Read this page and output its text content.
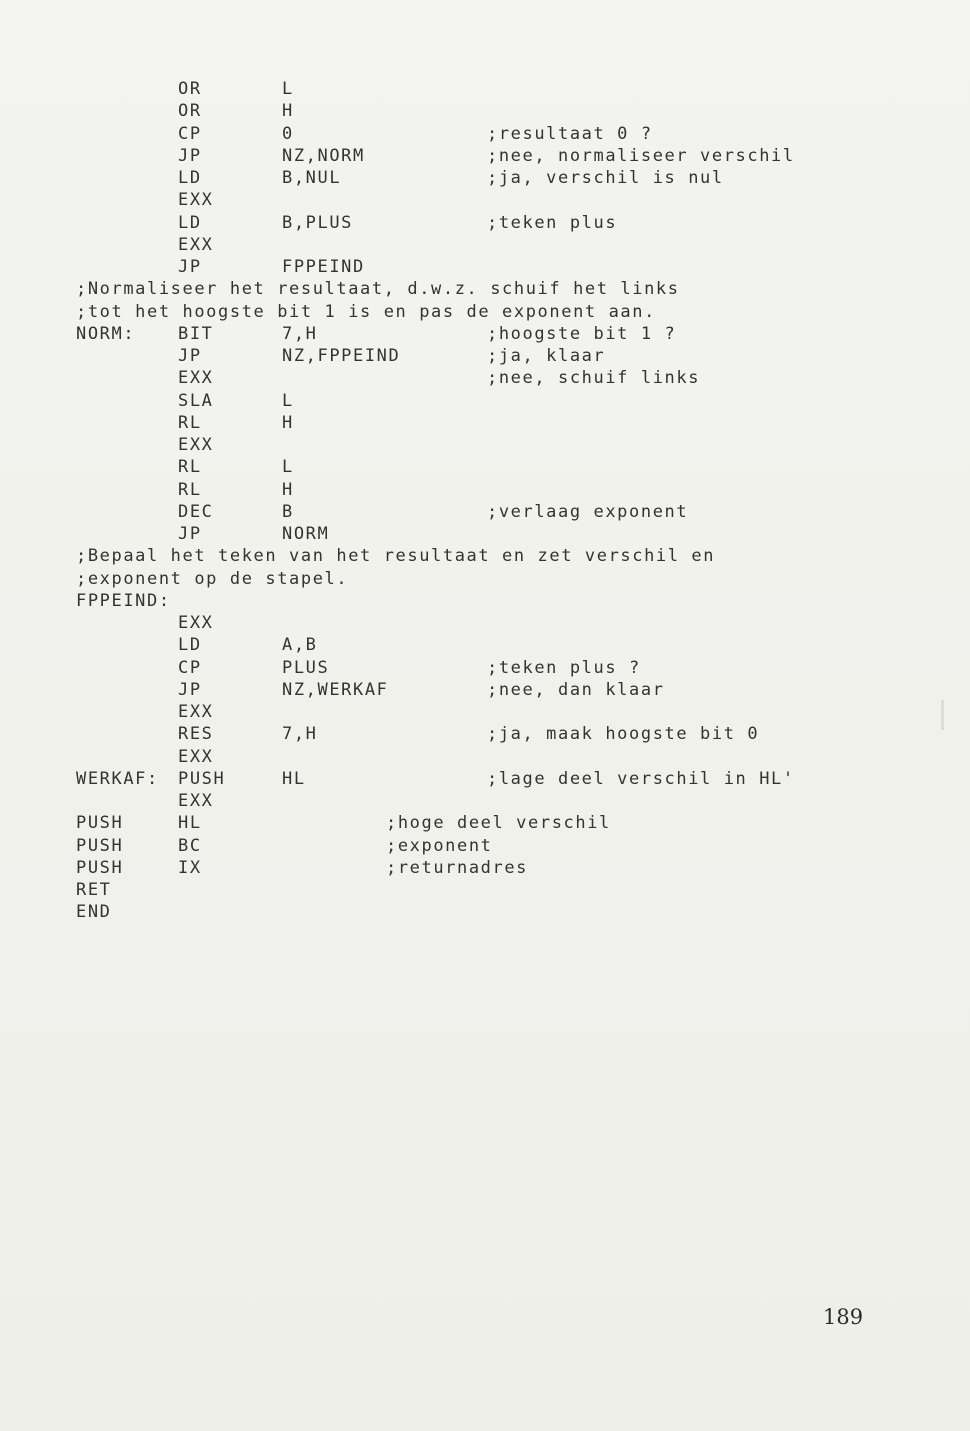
OR	L
OR	H
CP	0	;resultaat 0 ?
JP	NZ,NORM	;nee, normaliseer verschil
LD	B,NUL	;ja, verschil is nul
EXX
LD	B,PLUS	;teken plus
EXX
JP	FPPEIND
;Normaliseer het resultaat, d.w.z. schuif het links
;tot het hoogste bit 1 is en pas de exponent aan.
NORM:	BIT	7,H	;hoogste bit 1 ?
JP	NZ,FPPEIND	;ja, klaar
EXX	;nee, schuif links
SLA	L
RL	H
EXX
RL	L
RL	H
DEC	B	;verlaag exponent
JP	NORM
;Bepaal het teken van het resultaat en zet verschil en
;exponent op de stapel.
FPPEIND:
EXX
LD	A,B
CP	PLUS	;teken plus ?
JP	NZ,WERKAF	;nee, dan klaar
EXX
RES	7,H	;ja, maak hoogste bit 0
EXX
WERKAF: PUSH	HL	;lage deel verschil in HL'
EXX
PUSH	HL	;hoge deel verschil
PUSH	BC	;exponent
PUSH	IX	;returnadres
RET
END
189
